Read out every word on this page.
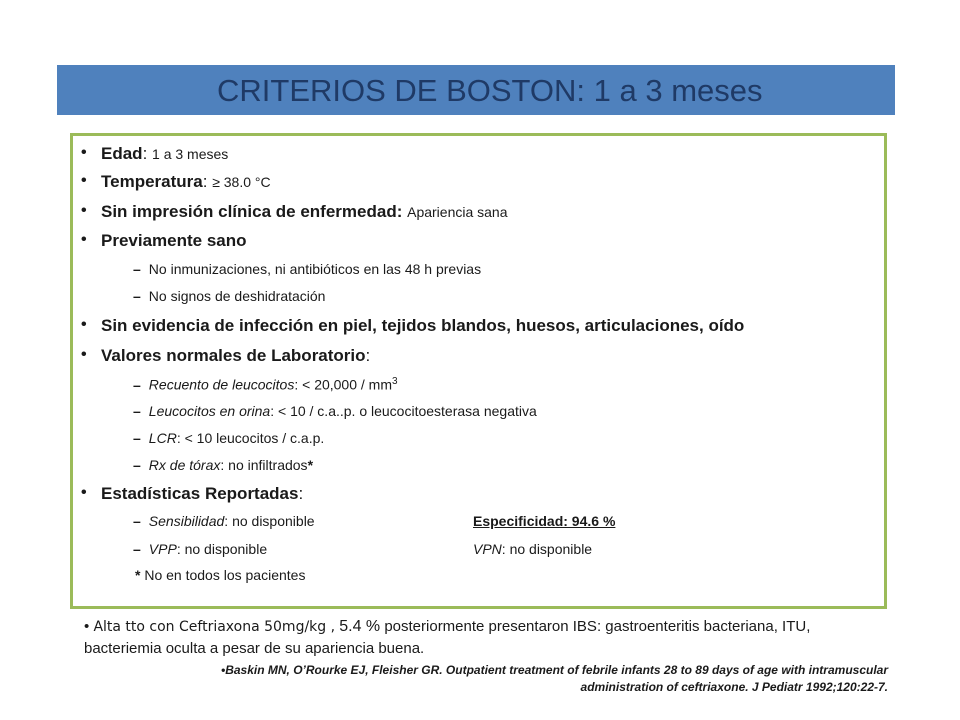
CRITERIOS DE BOSTON: 1 a 3 meses
• Edad: 1 a 3 meses
• Temperatura: ≥ 38.0 °C
• Sin impresión clínica de enfermedad: Apariencia sana
• Previamente sano
– No inmunizaciones, ni antibióticos en las 48 h previas
– No signos de deshidratación
• Sin evidencia de infección en piel, tejidos blandos, huesos, articulaciones, oído
• Valores normales de Laboratorio:
– Recuento de leucocitos: < $20,000 / mm^3$
– Leucocitos en orina: < 10 / c.a..p. o leucocitoesterasa negativa
– LCR: < 10 leucocitos / c.a.p.
– Rx de tórax: no infiltrados*
• Estadísticas Reportadas:
– Sensibilidad: no disponible	Especificidad: 94.6 %
– VPP: no disponible	VPN: no disponible
* No en todos los pacientes
• Alta tto con Ceftriaxona 50mg/kg , 5.4 % posteriormente presentaron IBS: gastroenteritis bacteriana, ITU, bacteriemia oculta a pesar de su apariencia buena.
•Baskin MN, O’Rourke EJ, Fleisher GR. Outpatient treatment of febrile infants 28 to 89 days of age with intramuscular
administration of ceftriaxone. J Pediatr 1992;120:22-7.
